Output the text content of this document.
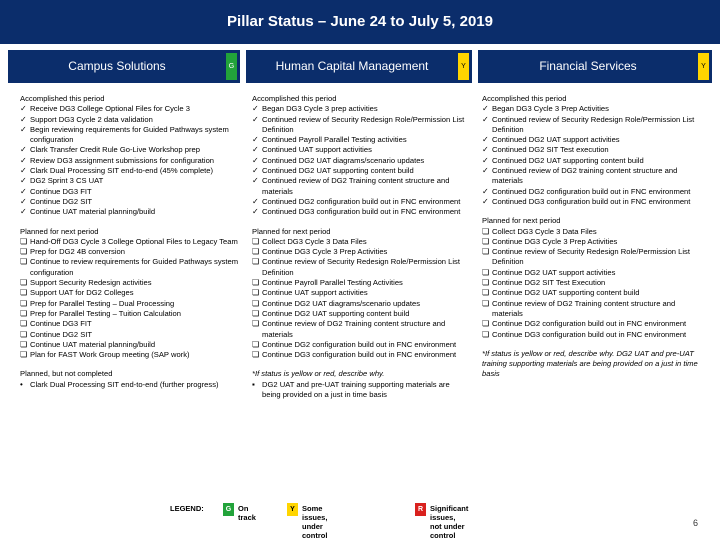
Pillar Status – June 24 to July 5, 2019
Campus Solutions	G	Human Capital Management	Y	Financial Services	Y
Accomplished this period
✓ Receive DG3 College Optional Files for Cycle 3
✓ Support DG3 Cycle 2 data validation
✓ Begin reviewing requirements for Guided Pathways system configuration
✓ Clark Transfer Credit Rule Go-Live Workshop prep
✓ Review DG3 assignment submissions for configuration
✓ Clark Dual Processing SIT end-to-end (45% complete)
✓ DG2 Sprint 3 CS UAT
✓ Continue DG3 FIT
✓ Continue DG2 SIT
✓ Continue UAT material planning/build
Planned for next period
❏ Hand-Off DG3 Cycle 3 College Optional Files to Legacy Team
❏ Prep for DG2 4B conversion
❏ Continue to review requirements for Guided Pathways system configuration
❏ Support Security Redesign activities
❏ Support UAT for DG2 Colleges
❏ Prep for Parallel Testing – Dual Processing
❏ Prep for Parallel Testing – Tuition Calculation
❏ Continue DG3 FIT
❏ Continue DG2 SIT
❏ Continue UAT material planning/build
❏ Plan for FAST Work Group meeting (SAP work)
Planned, but not completed
• Clark Dual Processing SIT end-to-end (further progress)
Accomplished this period
✓ Began DG3 Cycle 3 prep activities
✓ Continued review of Security Redesign Role/Permission List Definition
✓ Continued Payroll Parallel Testing activities
✓ Continued UAT support activities
✓ Continued DG2 UAT diagrams/scenario updates
✓ Continued DG2 UAT supporting content build
✓ Continued review of DG2 Training content structure and materials
✓ Continued DG2 configuration build out in FNC environment
✓ Continued DG3 configuration build out in FNC environment
Planned for next period
❏ Collect DG3 Cycle 3 Data Files
❏ Continue DG3 Cycle 3 Prep Activities
❏ Continue review of Security Redesign Role/Permission List Definition
❏ Continue Payroll Parallel Testing Activities
❏ Continue UAT support activities
❏ Continue DG2 UAT diagrams/scenario updates
❏ Continue DG2 UAT supporting content build
❏ Continue review of DG2 Training content structure and materials
❏ Continue DG2 configuration build out in FNC environment
❏ Continue DG3 configuration build out in FNC environment
*If status is yellow or red, describe why.
▪ DG2 UAT and pre-UAT training supporting materials are being provided on a just in time basis
Accomplished this period
✓ Began DG3 Cycle 3 Prep Activities
✓ Continued review of Security Redesign Role/Permission List Definition
✓ Continued DG2 UAT support activities
✓ Continued DG2 SIT Test execution
✓ Continued DG2 UAT supporting content build
✓ Continued review of DG2 training content structure and materials
✓ Continued DG2 configuration build out in FNC environment
✓ Continued DG3 configuration build out in FNC environment
Planned for next period
❏ Collect DG3 Cycle 3 Data Files
❏ Continue DG3 Cycle 3 Prep Activities
❏ Continue review of Security Redesign Role/Permission List Definition
❏ Continue DG2 UAT support activities
❏ Continue DG2 SIT Test Execution
❏ Continue DG2 UAT supporting content build
❏ Continue review of DG2 Training content structure and materials
❏ Continue DG2 configuration build out in FNC environment
❏ Continue DG3 configuration build out in FNC environment
*If status is yellow or red, describe why. DG2 UAT and pre-UAT training supporting materials are being provided on a just in time basis
LEGEND:	G On track
Y Some issues, under control
R Significant issues, not under control
6
